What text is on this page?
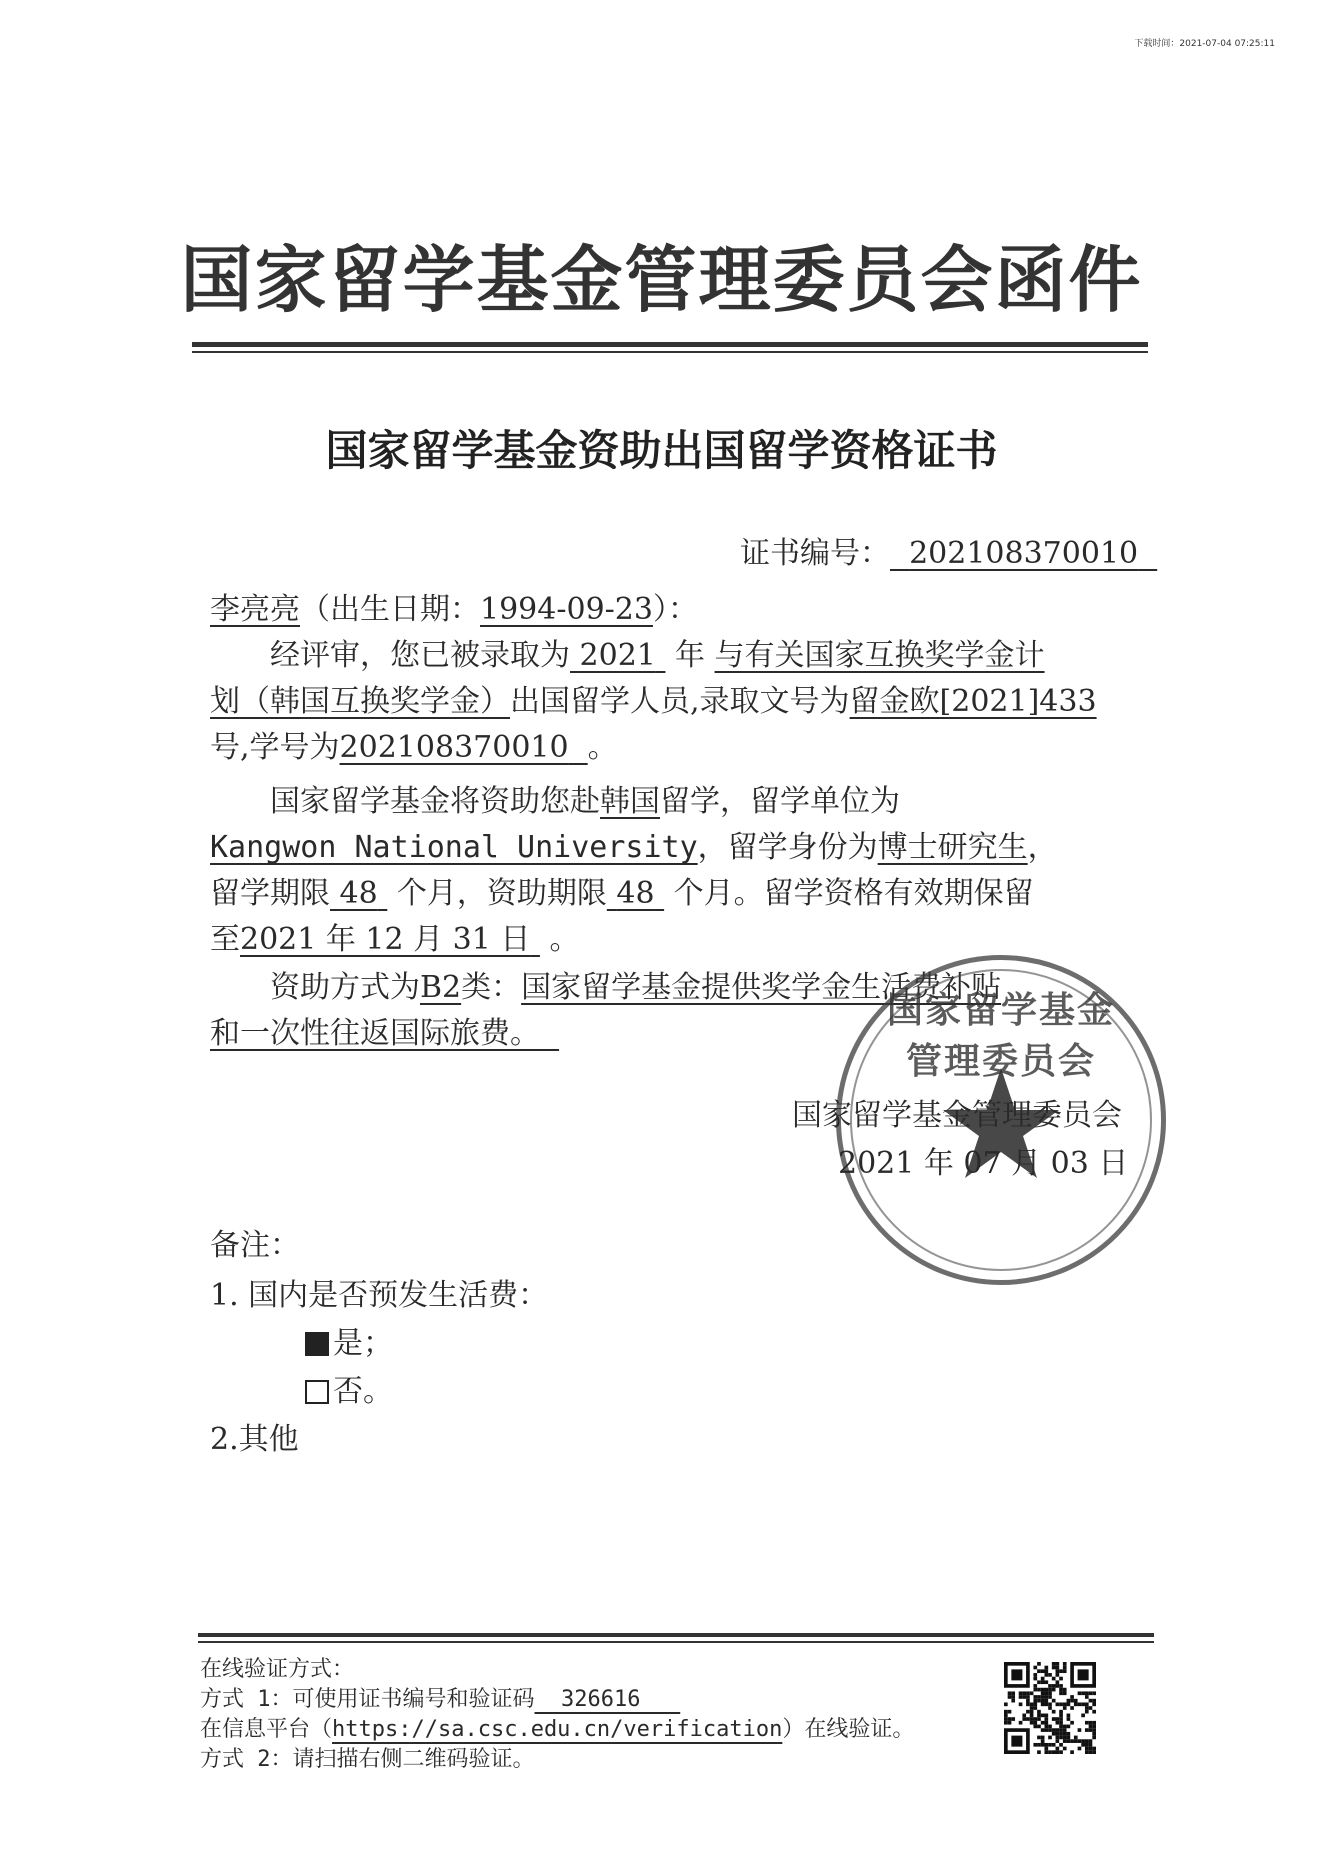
下载时间：2021-07-04 07:25:11
国家留学基金管理委员会函件
国家留学基金资助出国留学资格证书
证书编号： 202108370010
李亮亮（出生日期：1994-09-23）：
经评审，您已被录取为 2021 年 与有关国家互换奖学金计
划（韩国互换奖学金）出国留学人员,录取文号为留金欧[2021]433
号,学号为202108370010 。
国家留学基金将资助您赴韩国留学，留学单位为
Kangwon National University，留学身份为博士研究生，
留学期限 48 个月，资助期限 48 个月。留学资格有效期保留
至2021 年 12 月 31 日 。
资助方式为B2类：国家留学基金提供奖学金生活费补贴
和一次性往返国际旅费。
国家留学基金管理委员会
国家留学基金管理委员会
2021 年 07 月 03 日
备注：
1. 国内是否预发生活费：
是；
否。
2.其他
在线验证方式：
方式 1：可使用证书编号和验证码 326616
在信息平台（https://sa.csc.edu.cn/verification）在线验证。
方式 2：请扫描右侧二维码验证。
